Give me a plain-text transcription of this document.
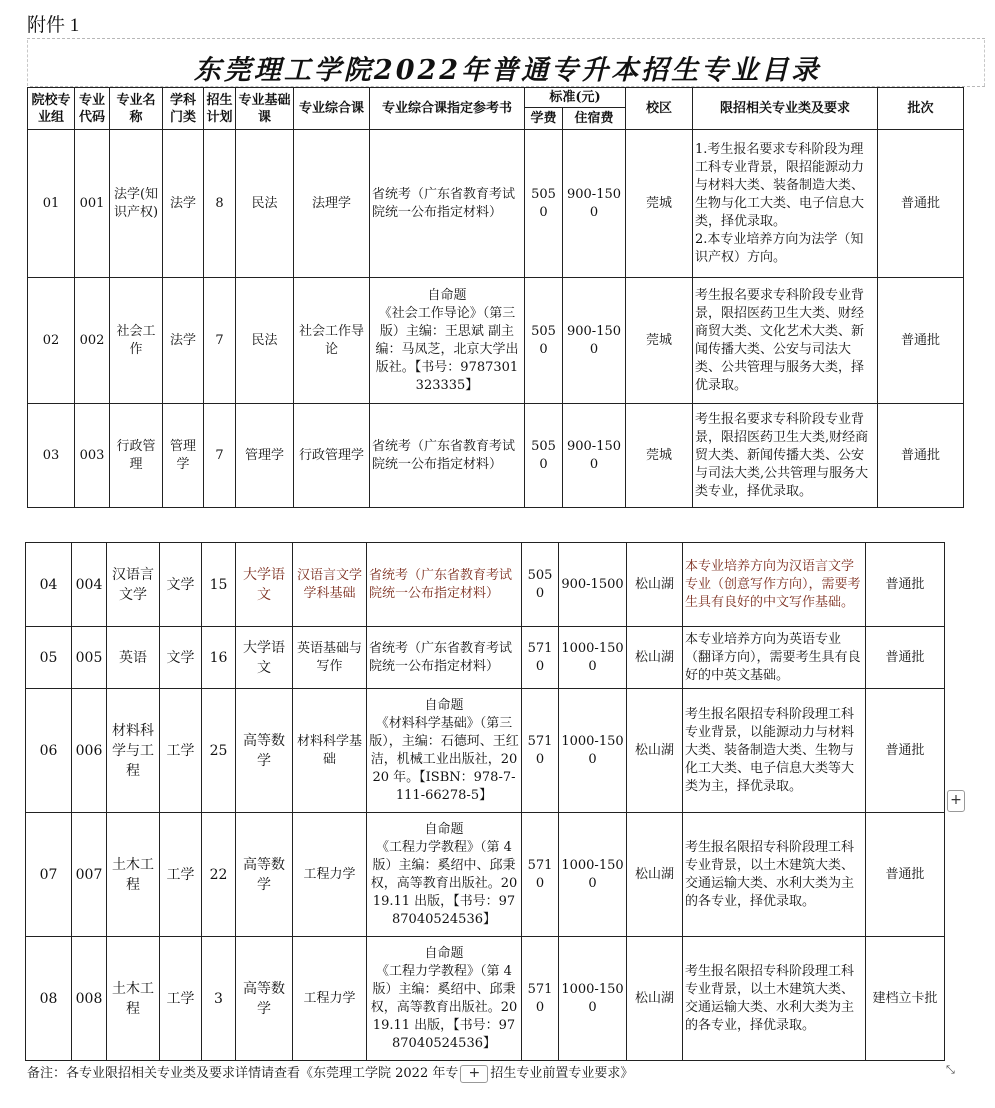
附件 1
东莞理工学院2022年普通专升本招生专业目录
院校专业组	专业代码	专业名称	学科门类	招生计划	专业基础课	专业综合课	专业综合课指定参考书	标准(元)		校区	限招相关专业类及要求	批次
								学费	住宿费			
01	001	法学(知识产权)	法学	8	民法	法理学	省统考（广东省教育考试院统一公布指定材料）	5050	900-1500	莞城	1.考生报名要求专科阶段为理工科专业背景，限招能源动力与材料大类、装备制造大类、生物与化工大类、电子信息大类，择优录取。
2.本专业培养方向为法学（知识产权）方向。	普通批
02	002	社会工作	法学	7	民法	社会工作导论	自命题
《社会工作导论》（第三版）主编：王思斌 副主编：马凤芝，北京大学出版社。【书号：9787301323335】	5050	900-1500	莞城	考生报名要求专科阶段专业背景，限招医药卫生大类、财经商贸大类、文化艺术大类、新闻传播大类、公安与司法大类、公共管理与服务大类，择优录取。	普通批
03	003	行政管理	管理学	7	管理学	行政管理学	省统考（广东省教育考试院统一公布指定材料）	5050	900-1500	莞城	考生报名要求专科阶段专业背景，限招医药卫生大类,财经商贸大类、新闻传播大类、公安与司法大类,公共管理与服务大类专业，择优录取。	普通批
04	004	汉语言文学	文学	15	大学语文	汉语言文学学科基础	省统考（广东省教育考试院统一公布指定材料）	5050	900-1500	松山湖	本专业培养方向为汉语言文学专业（创意写作方向），需要考生具有良好的中文写作基础。	普通批
05	005	英语	文学	16	大学语文	英语基础与写作	省统考（广东省教育考试院统一公布指定材料）	5710	1000-1500	松山湖	本专业培养方向为英语专业（翻译方向），需要考生具有良好的中英文基础。	普通批
06	006	材料科学与工程	工学	25	高等数学	材料科学基础	自命题
《材料科学基础》（第三版），主编：石德珂、王红洁，机械工业出版社，2020 年。【ISBN：978-7-111-66278-5】	5710	1000-1500	松山湖	考生报名限招专科阶段理工科专业背景，以能源动力与材料大类、装备制造大类、生物与化工大类、电子信息大类等大类为主，择优录取。	普通批
07	007	土木工程	工学	22	高等数学	工程力学	自命题
《工程力学教程》（第 4 版）主编：奚绍中、邱秉权，高等教育出版社。2019.11 出版，【书号：9787040524536】	5710	1000-1500	松山湖	考生报名限招专科阶段理工科专业背景，以土木建筑大类、交通运输大类、水利大类为主的各专业，择优录取。	普通批
08	008	土木工程	工学	3	高等数学	工程力学	自命题
《工程力学教程》（第 4 版）主编：奚绍中、邱秉权，高等教育出版社。2019.11 出版，【书号：9787040524536】	5710	1000-1500	松山湖	考生报名限招专科阶段理工科专业背景，以土木建筑大类、交通运输大类、水利大类为主的各专业，择优录取。	建档立卡批
+
备注：各专业限招相关专业类及要求详情请查看《东莞理工学院 2022 年专 + 招生专业前置专业要求》	⤡
